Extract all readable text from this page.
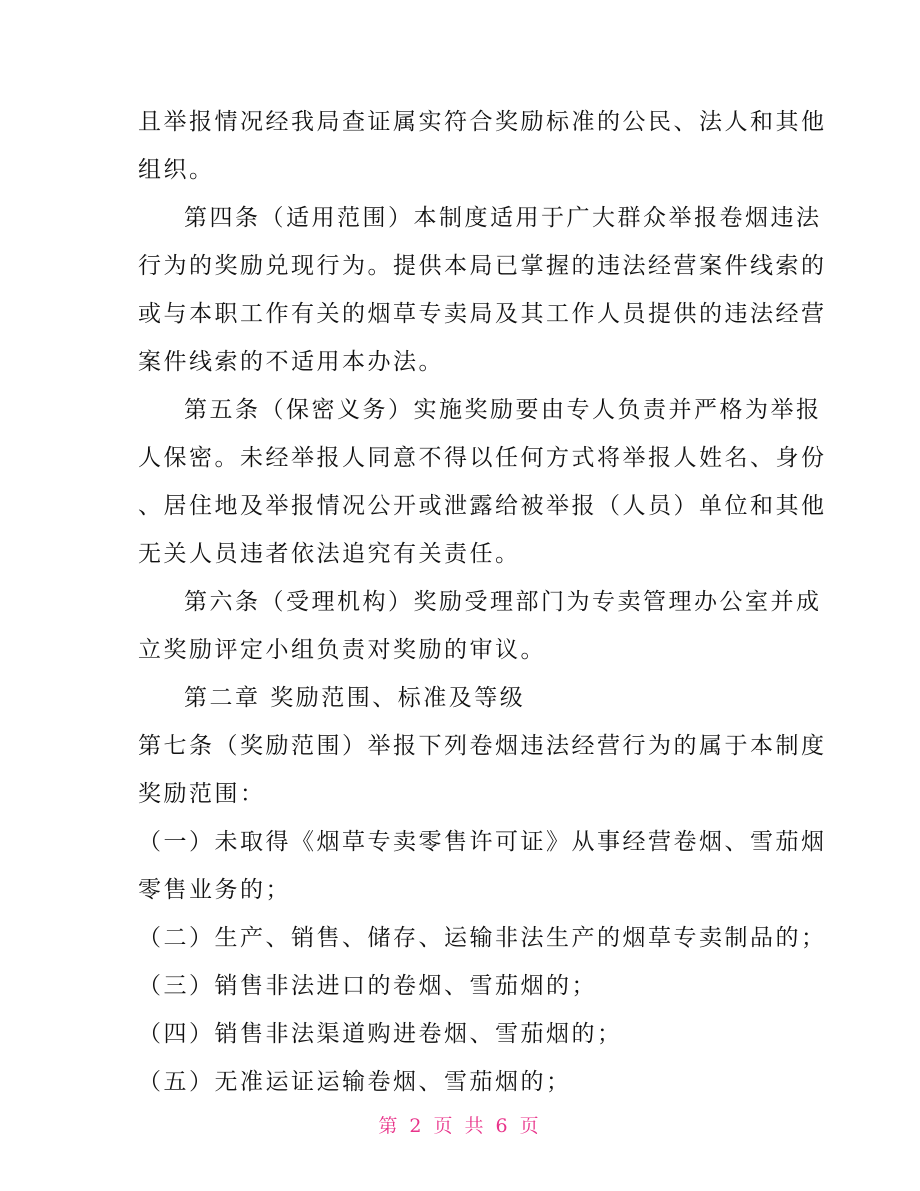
且举报情况经我局查证属实符合奖励标准的公民、法人和其他
组织。
第四条（适用范围）本制度适用于广大群众举报卷烟违法
行为的奖励兑现行为。提供本局已掌握的违法经营案件线索的
或与本职工作有关的烟草专卖局及其工作人员提供的违法经营
案件线索的不适用本办法。
第五条（保密义务）实施奖励要由专人负责并严格为举报
人保密。未经举报人同意不得以任何方式将举报人姓名、身份
、居住地及举报情况公开或泄露给被举报（人员）单位和其他
无关人员违者依法追究有关责任。
第六条（受理机构）奖励受理部门为专卖管理办公室并成
立奖励评定小组负责对奖励的审议。
第二章 奖励范围、标准及等级
第七条（奖励范围）举报下列卷烟违法经营行为的属于本制度
奖励范围：
（一）未取得《烟草专卖零售许可证》从事经营卷烟、雪茄烟
零售业务的；
（二）生产、销售、储存、运输非法生产的烟草专卖制品的；
（三）销售非法进口的卷烟、雪茄烟的；
（四）销售非法渠道购进卷烟、雪茄烟的；
（五）无准运证运输卷烟、雪茄烟的；
第 2 页 共 6 页
